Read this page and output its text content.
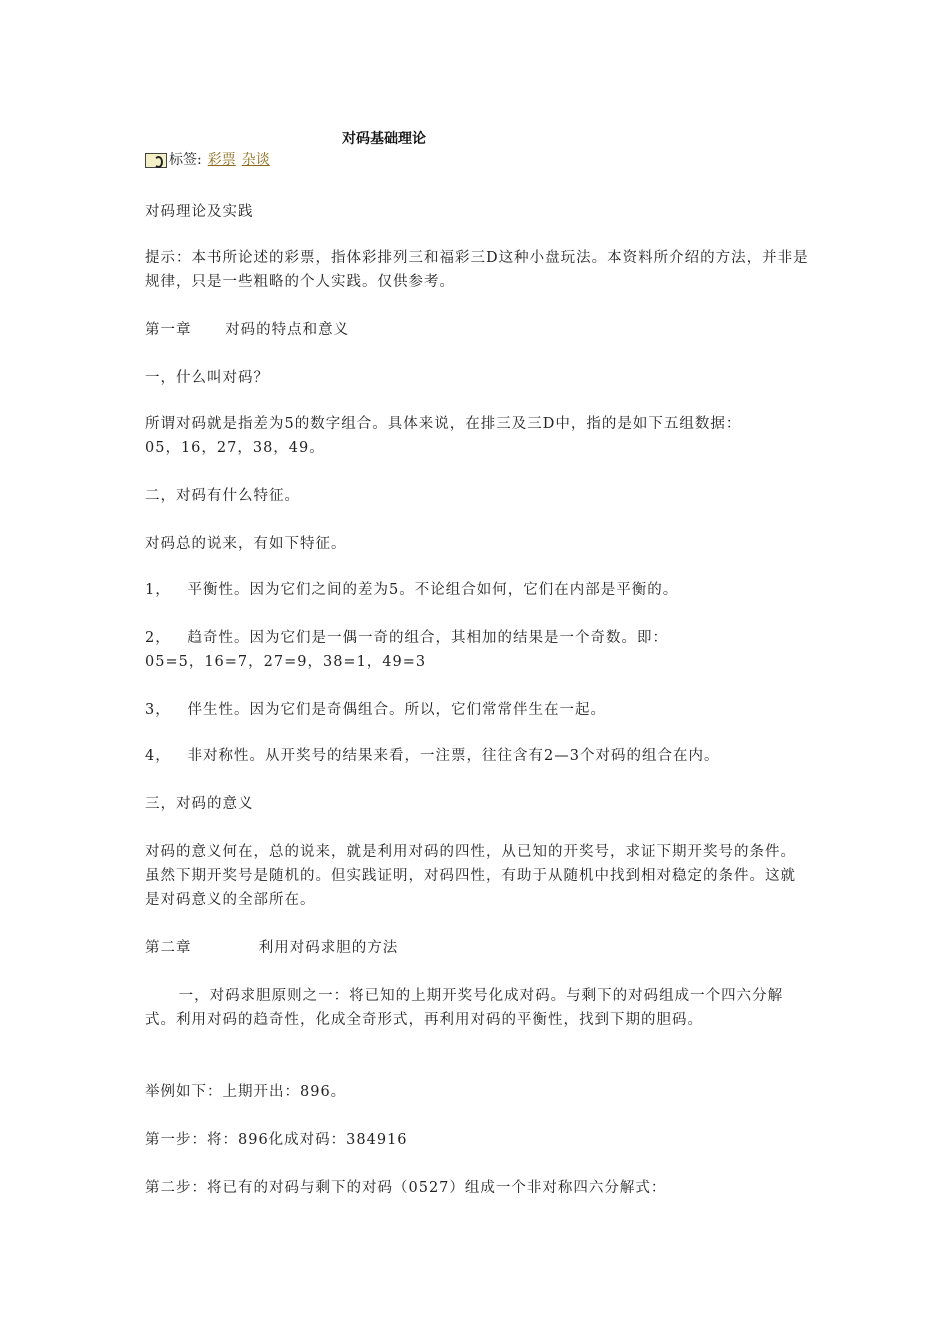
对码基础理论
标签: 彩票 杂谈

对码理论及实践

提示：本书所论述的彩票，指体彩排列三和福彩三D这种小盘玩法。本资料所介绍的方法，并非是规律，只是一些粗略的个人实践。仅供参考。

第一章      对码的特点和意义

一，什么叫对码？

所谓对码就是指差为5的数字组合。具体来说，在排三及三D中，指的是如下五组数据：
05，16，27，38，49。

二，对码有什么特征。

对码总的说来，有如下特征。

1，   平衡性。因为它们之间的差为5。不论组合如何，它们在内部是平衡的。

2，   趋奇性。因为它们是一偶一奇的组合，其相加的结果是一个奇数。即：
05=5，16=7，27=9，38=1，49=3

3，   伴生性。因为它们是奇偶组合。所以，它们常常伴生在一起。

4，   非对称性。从开奖号的结果来看，一注票，往往含有2—3个对码的组合在内。

三，对码的意义

对码的意义何在，总的说来，就是利用对码的四性，从已知的开奖号，求证下期开奖号的条件。虽然下期开奖号是随机的。但实践证明，对码四性，有助于从随机中找到相对稳定的条件。这就是对码意义的全部所在。

第二章            利用对码求胆的方法

一，对码求胆原则之一：将已知的上期开奖号化成对码。与剩下的对码组成一个四六分解式。利用对码的趋奇性，化成全奇形式，再利用对码的平衡性，找到下期的胆码。

举例如下：上期开出：896。

第一步：将：896化成对码：384916

第二步：将已有的对码与剩下的对码（0527）组成一个非对称四六分解式：
